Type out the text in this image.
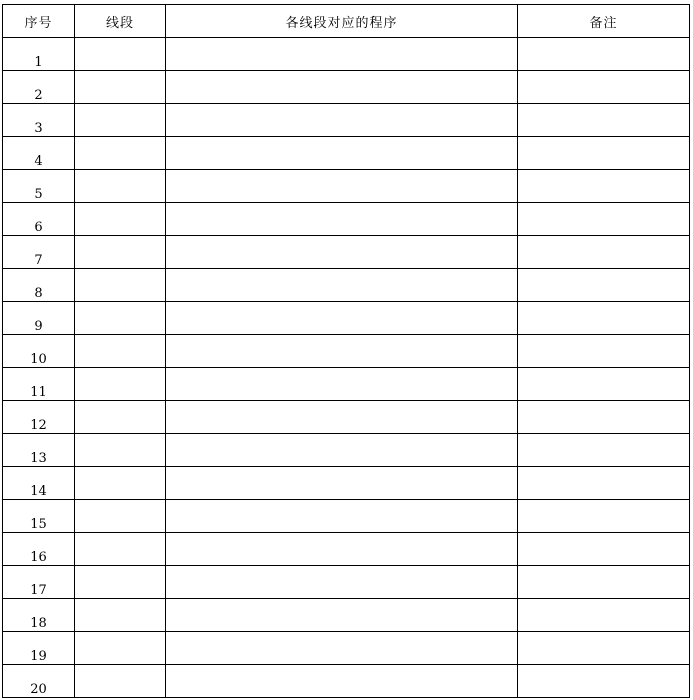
序号	线段	各线段对应的程序	备注
1			
2			
3			
4			
5			
6			
7			
8			
9			
10			
11			
12			
13			
14			
15			
16			
17			
18			
19			
20			
